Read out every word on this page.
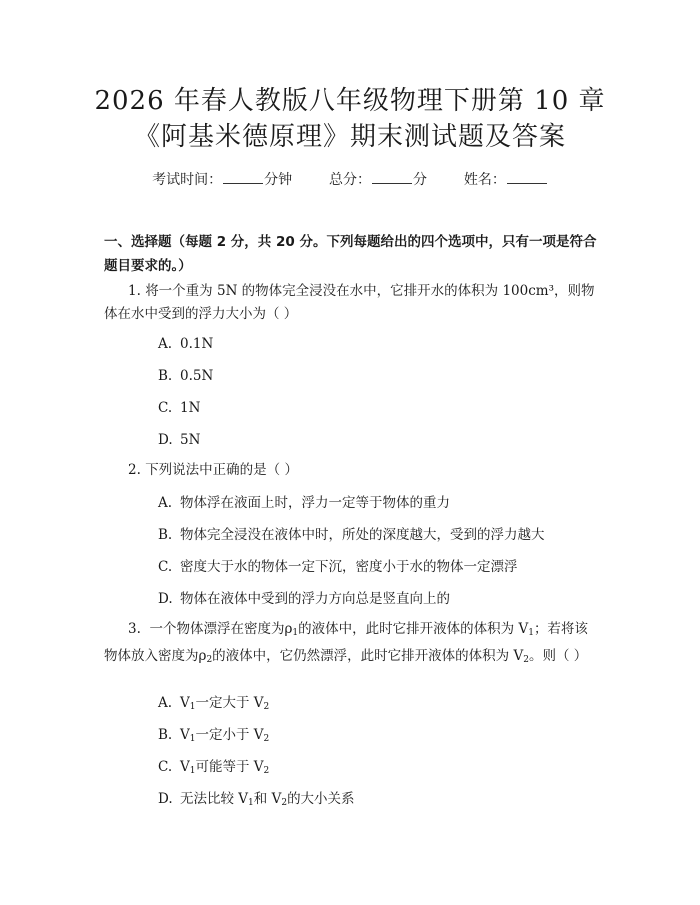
2026 年春人教版八年级物理下册第 10 章
《阿基米德原理》期末测试题及答案
考试时间：	分钟	总分：	分	姓名：
一、选择题（每题 2 分，共 20 分。下列每题给出的四个选项中，只有一项是符合题目要求的。）
1. 将一个重为 5N 的物体完全浸没在水中，它排开水的体积为 100cm³，则物体在水中受到的浮力大小为（ ）
A. 0.1N
B. 0.5N
C. 1N
D. 5N
2. 下列说法中正确的是（ ）
A. 物体浮在液面上时，浮力一定等于物体的重力
B. 物体完全浸没在液体中时，所处的深度越大，受到的浮力越大
C. 密度大于水的物体一定下沉，密度小于水的物体一定漂浮
D. 物体在液体中受到的浮力方向总是竖直向上的
3. 一个物体漂浮在密度为$\rho_1$的液体中，此时它排开液体的体积为 $V_1$；若将该物体放入密度为$\rho_2$的液体中，它仍然漂浮，此时它排开液体的体积为 $V_2$。则（ ）
A. $V_1$一定大于 $V_2$
B. $V_1$一定小于 $V_2$
C. $V_1$可能等于 $V_2$
D. 无法比较 $V_1$和 $V_2$的大小关系
